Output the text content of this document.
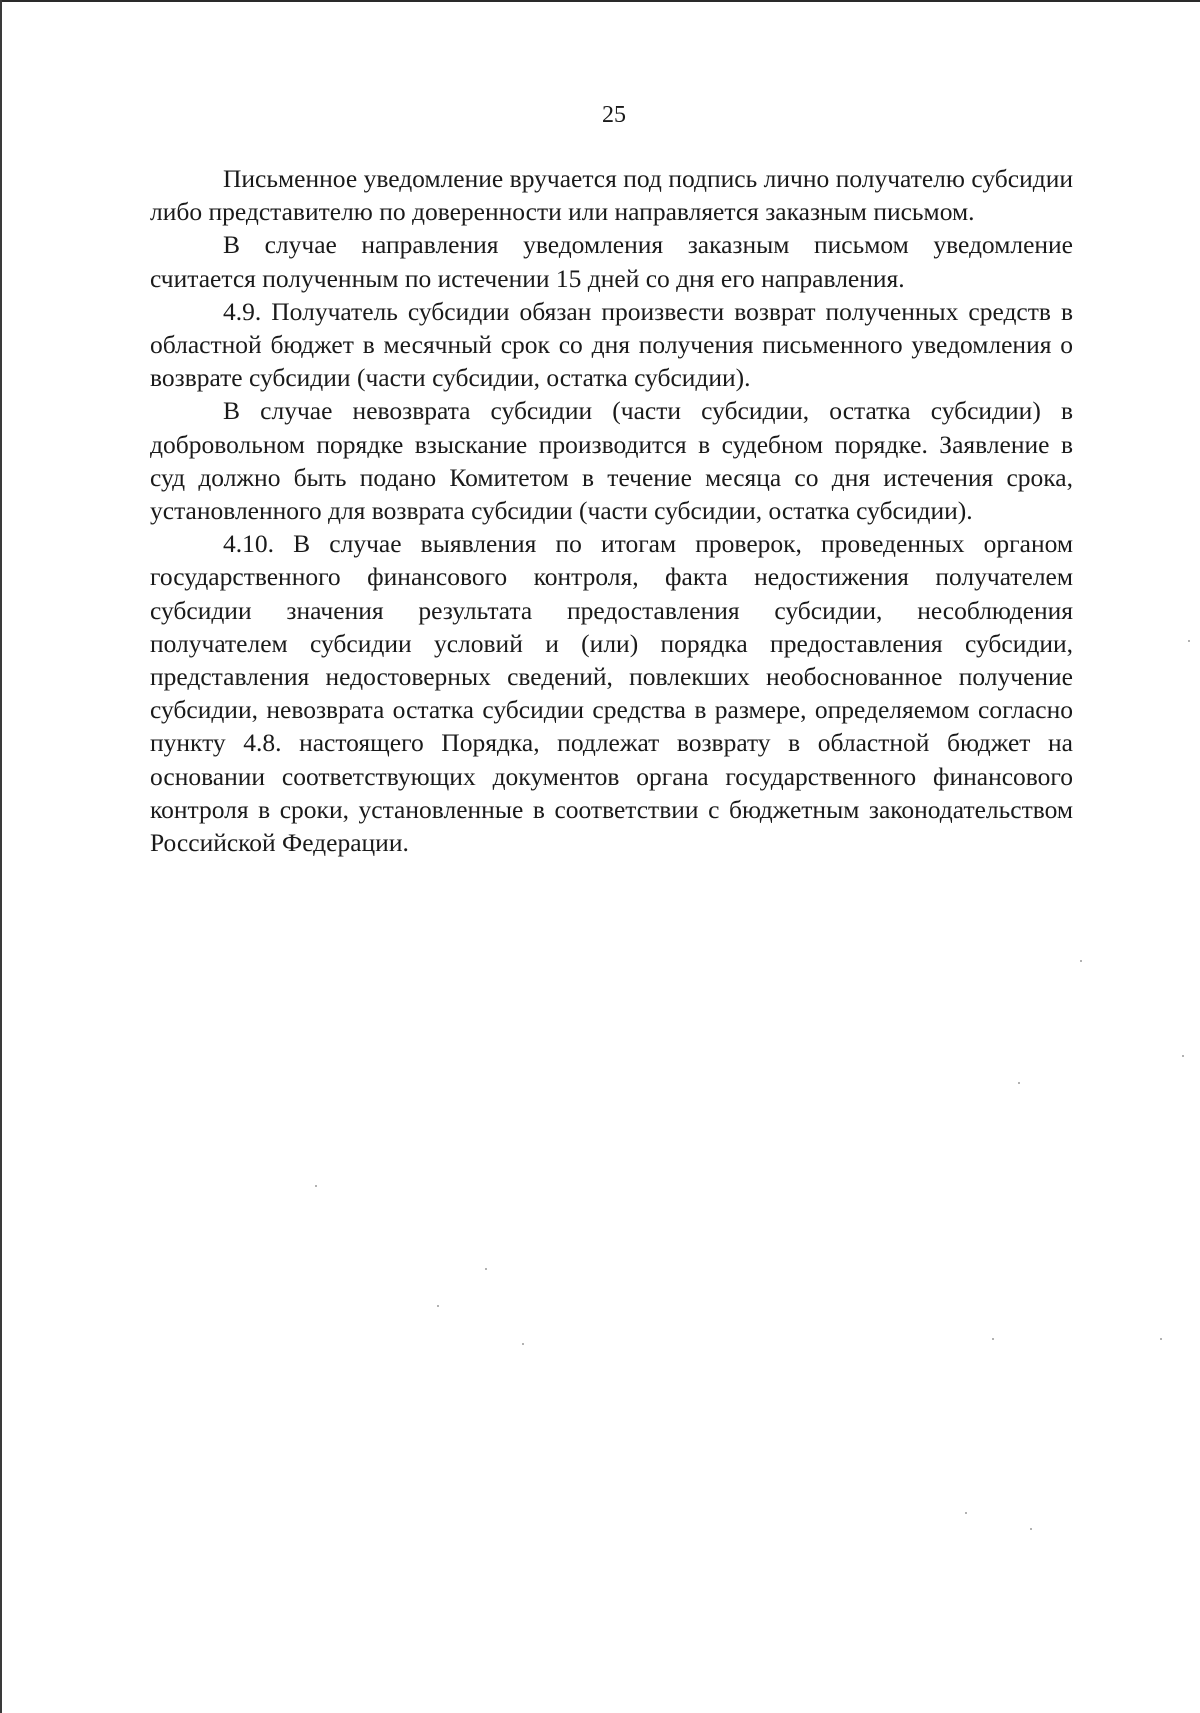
25

Письменное уведомление вручается под подпись лично получателю субсидии либо представителю по доверенности или направляется заказным письмом.

В случае направления уведомления заказным письмом уведомление считается полученным по истечении 15 дней со дня его направления.

4.9. Получатель субсидии обязан произвести возврат полученных средств в областной бюджет в месячный срок со дня получения письменного уведомления о возврате субсидии (части субсидии, остатка субсидии).

В случае невозврата субсидии (части субсидии, остатка субсидии) в добровольном порядке взыскание производится в судебном порядке. Заявление в суд должно быть подано Комитетом в течение месяца со дня истечения срока, установленного для возврата субсидии (части субсидии, остатка субсидии).

4.10. В случае выявления по итогам проверок, проведенных органом государственного финансового контроля, факта недостижения получателем субсидии значения результата предоставления субсидии, несоблюдения получателем субсидии условий и (или) порядка предоставления субсидии, представления недостоверных сведений, повлекших необоснованное получение субсидии, невозврата остатка субсидии средства в размере, определяемом согласно пункту 4.8. настоящего Порядка, подлежат возврату в областной бюджет на основании соответствующих документов органа государственного финансового контроля в сроки, установленные в соответствии с бюджетным законодательством Российской Федерации.
